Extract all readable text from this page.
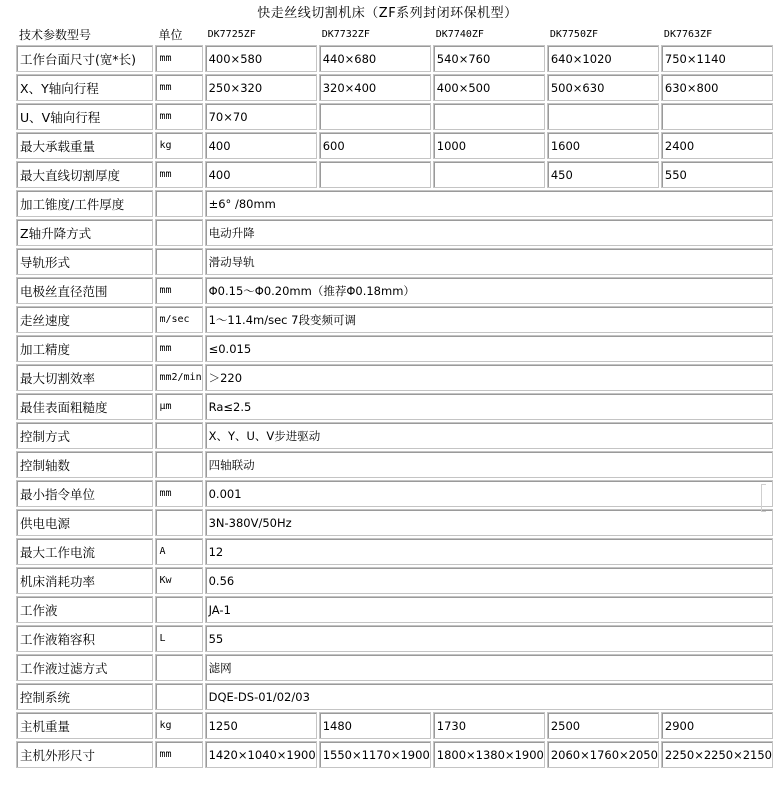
快走丝线切割机床（ZF系列封闭环保机型）
技术参数型号	单位	DK7725ZF	DK7732ZF	DK7740ZF	DK7750ZF	DK7763ZF
工作台面尺寸(宽*长)	mm	400×580	440×680	540×760	640×1020	750×1140
X、Y轴向行程	mm	250×320	320×400	400×500	500×630	630×800
U、V轴向行程	mm	70×70				
最大承载重量	kg	400	600	1000	1600	2400
最大直线切割厚度	mm	400			450	550
加工锥度/工件厚度		±6° /80mm				
Z轴升降方式		电动升降				
导轨形式		滑动导轨				
电极丝直径范围	mm	Φ0.15～Φ0.20mm（推荐Φ0.18mm）				
走丝速度	m/sec	1～11.4m/sec 7段变频可调				
加工精度	mm	≤0.015				
最大切割效率	mm2/min	＞220				
最佳表面粗糙度	μm	Ra≤2.5				
控制方式		X、Y、U、V步进驱动				
控制轴数		四轴联动				
最小指令单位	mm	0.001				
供电电源		3N-380V/50Hz				
最大工作电流	A	12				
机床消耗功率	Kw	0.56				
工作液		JA-1				
工作液箱容积	L	55				
工作液过滤方式		滤网				
控制系统		DQE-DS-01/02/03				
主机重量	kg	1250	1480	1730	2500	2900
主机外形尺寸	mm	1420×1040×1900	1550×1170×1900	1800×1380×1900	2060×1760×2050	2250×2250×2150
